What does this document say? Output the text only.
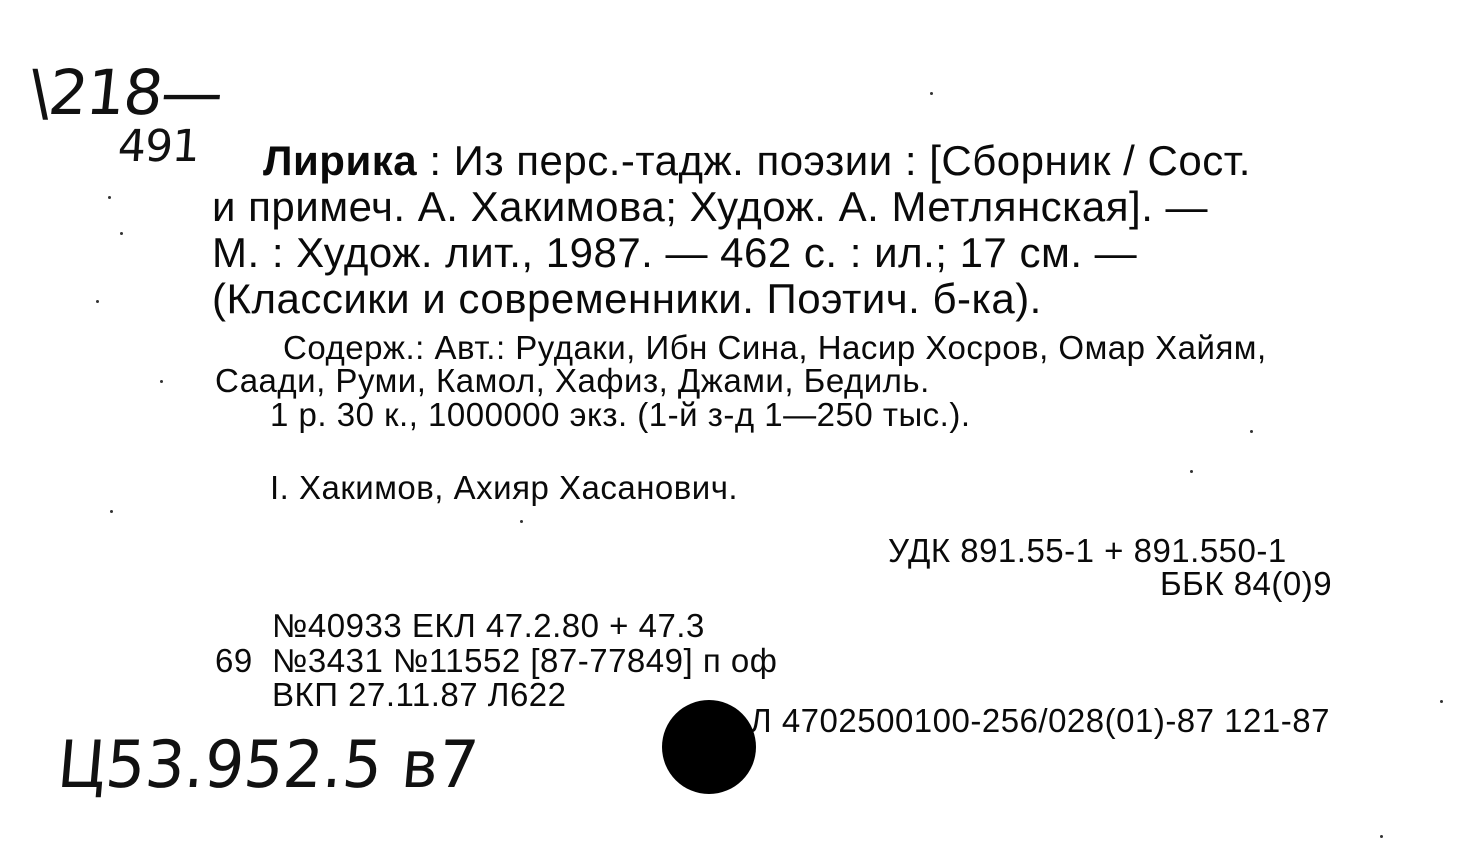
\218—
491
Ц53.952.5 в7
Лирика : Из перс.-тадж. поэзии : [Сборник / Сост.
и примеч. А. Хакимова; Худож. А. Метлянская]. —
М. : Худож. лит., 1987. — 462 с. : ил.; 17 см. —
(Классики и современники. Поэтич. б-ка).
Содерж.: Авт.: Рудаки, Ибн Сина, Насир Хосров, Омар Хайям,
Саади, Руми, Камол, Хафиз, Джами, Бедиль.
1 р. 30 к., 1000000 экз. (1-й з-д 1—250 тыс.).
I. Хакимов, Ахияр Хасанович.
УДК 891.55-1 + 891.550-1
ББК 84(0)9
№40933 ЕКЛ 47.2.80 + 47.3
69 №3431 №11552 [87-77849] п оф
ВКП 27.11.87 Л622
Л 4702500100-256/028(01)-87 121-87
